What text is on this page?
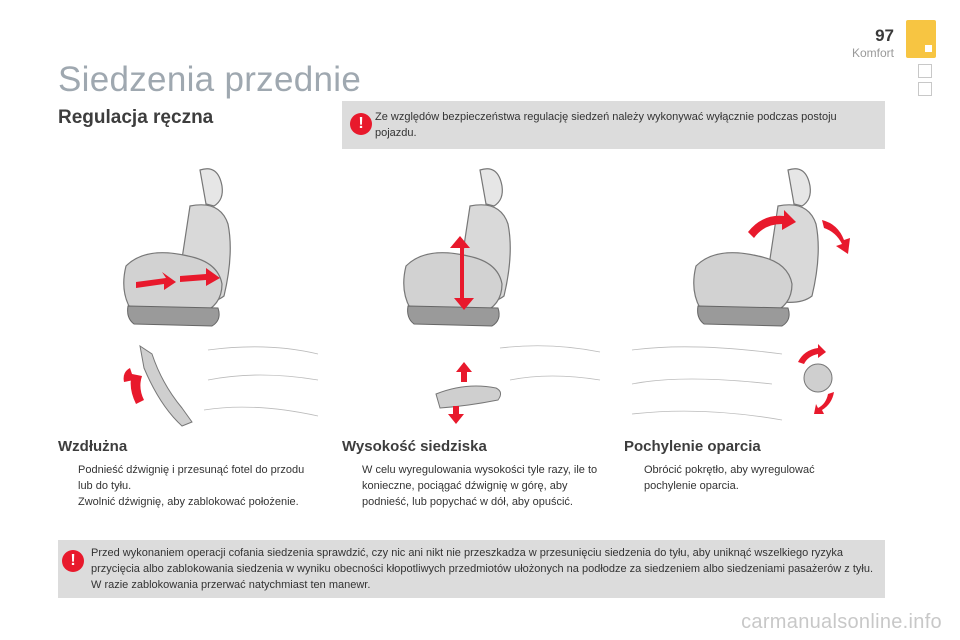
97
Komfort
Siedzenia przednie
Regulacja ręczna	!	Ze względów bezpieczeństwa regulację siedzeń należy wykonywać wyłącznie podczas postoju pojazdu.
Wzdłużna
Podnieść dźwignię i przesunąć fotel do przodu lub do tyłu.
Zwolnić dźwignię, aby zablokować położenie.
Wysokość siedziska
W celu wyregulowania wysokości tyle razy, ile to konieczne, pociągać dźwignię w górę, aby podnieść, lub popychać w dół, aby opuścić.
Pochylenie oparcia
Obrócić pokrętło, aby wyregulować pochylenie oparcia.
!	Przed wykonaniem operacji cofania siedzenia sprawdzić, czy nic ani nikt nie przeszkadza w przesunięciu siedzenia do tyłu, aby uniknąć wszelkiego ryzyka przycięcia albo zablokowania siedzenia w wyniku obecności kłopotliwych przedmiotów ułożonych na podłodze za siedzeniem albo siedzeniami pasażerów z tyłu. W razie zablokowania przerwać natychmiast ten manewr.
carmanualsonline.info
